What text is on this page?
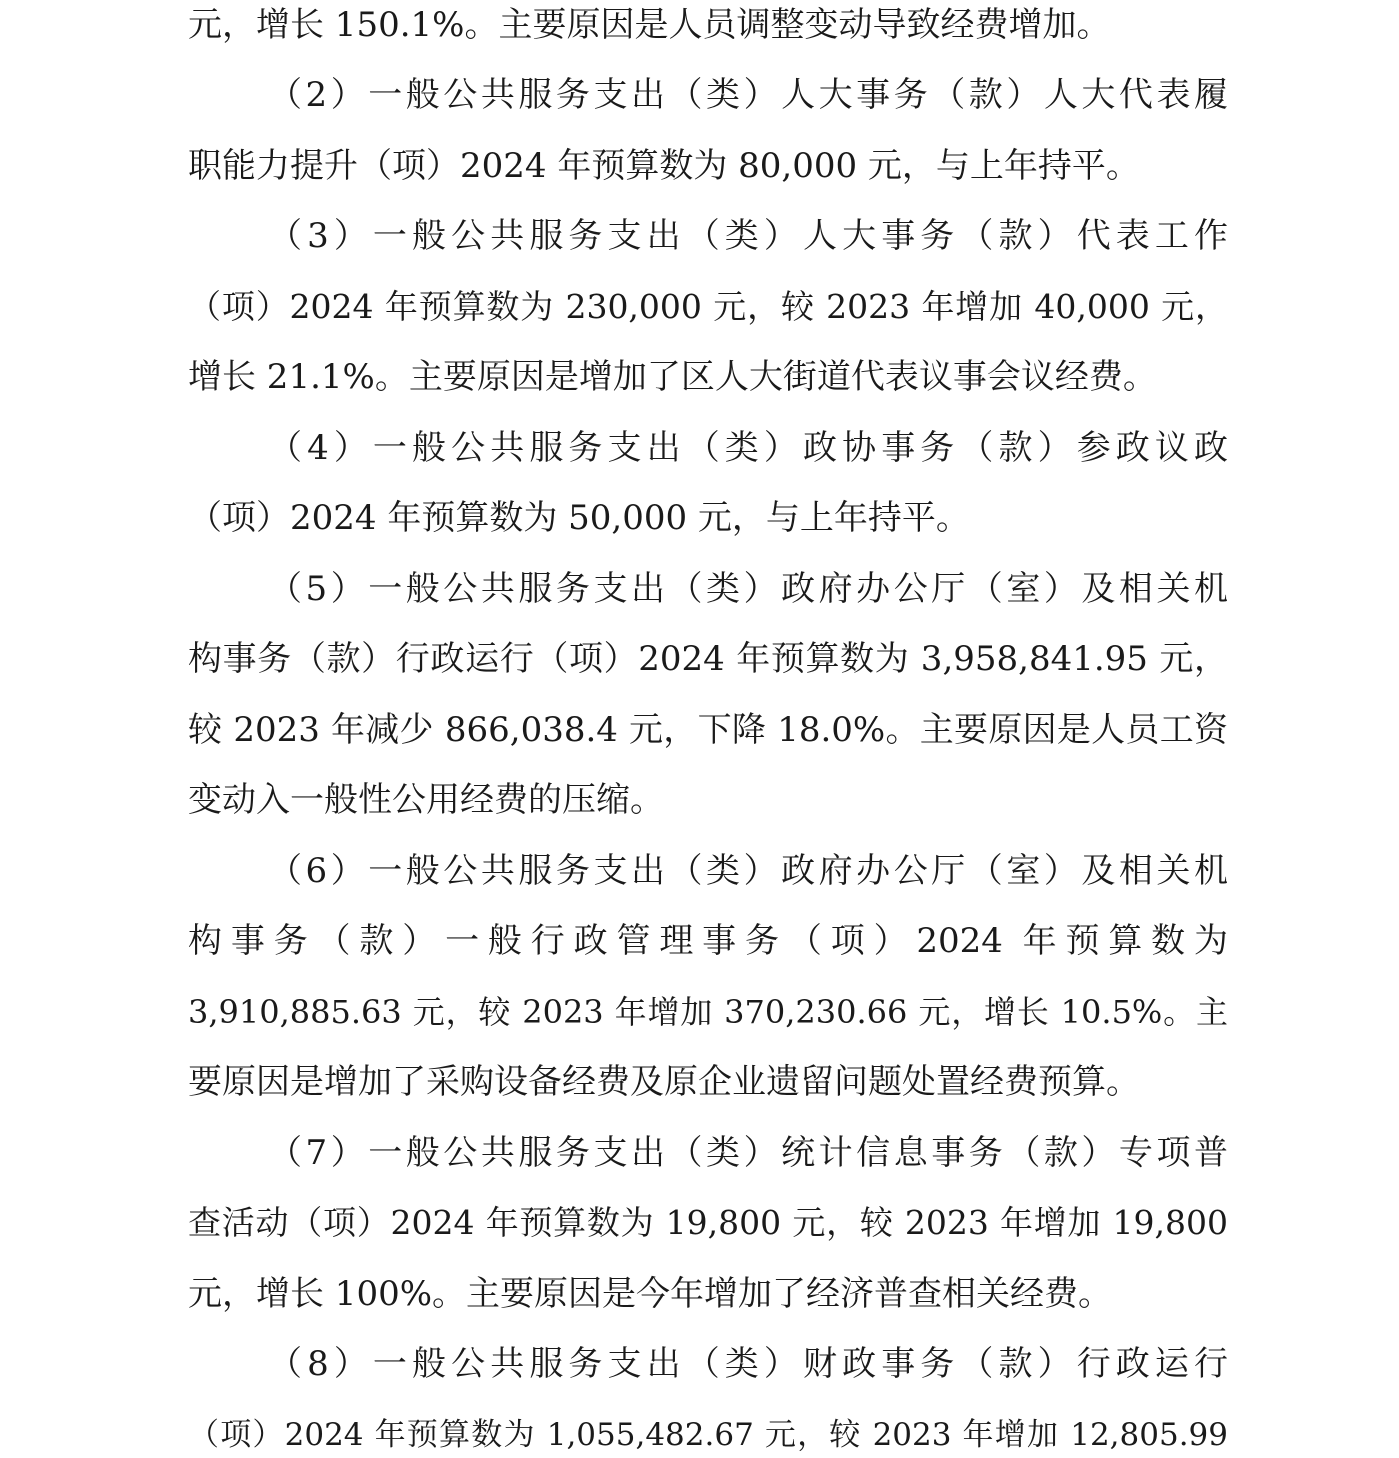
元，增长 150.1%。主要原因是人员调整变动导致经费增加。
（2）一般公共服务支出（类）人大事务（款）人大代表履
职能力提升（项）2024 年预算数为 80,000 元，与上年持平。
（3）一般公共服务支出（类）人大事务（款）代表工作
（项）2024 年预算数为 230,000 元，较 2023 年增加 40,000 元，
增长 21.1%。主要原因是增加了区人大街道代表议事会议经费。
（4）一般公共服务支出（类）政协事务（款）参政议政
（项）2024 年预算数为 50,000 元，与上年持平。
（5）一般公共服务支出（类）政府办公厅（室）及相关机
构事务（款）行政运行（项）2024 年预算数为 3,958,841.95 元，
较 2023 年减少 866,038.4 元，下降 18.0%。主要原因是人员工资
变动入一般性公用经费的压缩。
（6）一般公共服务支出（类）政府办公厅（室）及相关机
构事务（款）一般行政管理事务（项）2024 年预算数为
3,910,885.63 元，较 2023 年增加 370,230.66 元，增长 10.5%。主
要原因是增加了采购设备经费及原企业遗留问题处置经费预算。
（7）一般公共服务支出（类）统计信息事务（款）专项普
查活动（项）2024 年预算数为 19,800 元，较 2023 年增加 19,800
元，增长 100%。主要原因是今年增加了经济普查相关经费。
（8）一般公共服务支出（类）财政事务（款）行政运行
（项）2024 年预算数为 1,055,482.67 元，较 2023 年增加 12,805.99
